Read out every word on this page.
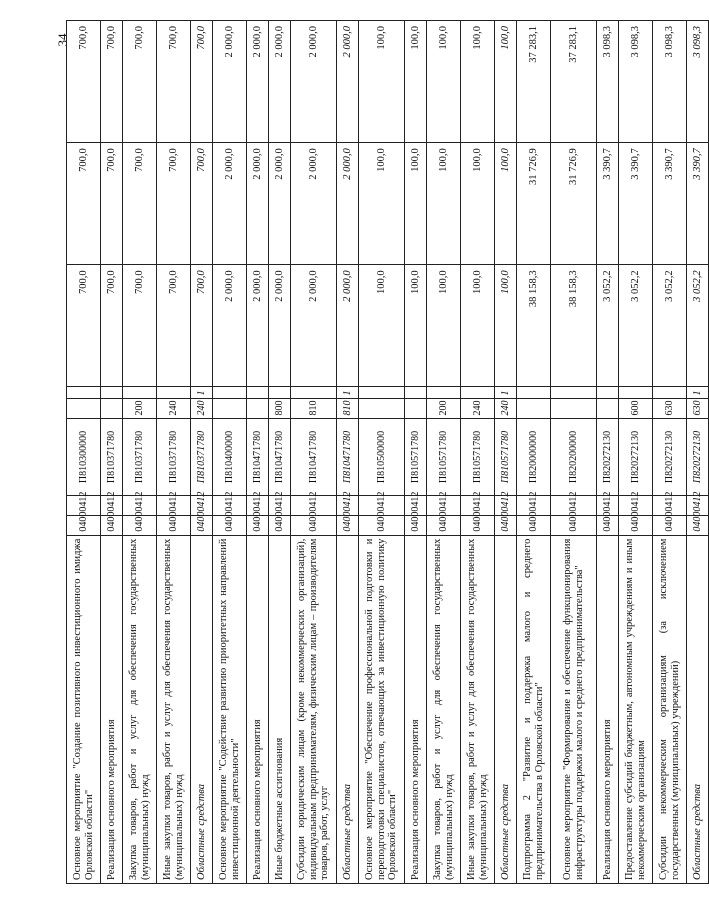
34
Основное мероприятие "Создание позитивного инвестиционного имиджа Орловской области"	0400	0412	П810300000			700,0	700,0	700,0
Реализация основного мероприятия	0400	0412	П810371780			700,0	700,0	700,0
Закупка товаров, работ и услуг для обеспечения государственных (муниципальных) нужд	0400	0412	П810371780	200		700,0	700,0	700,0
Иные закупки товаров, работ и услуг для обеспечения государственных (муниципальных) нужд	0400	0412	П810371780	240		700,0	700,0	700,0
Областные средства	0400	0412	П810371780	240	1	700,0	700,0	700,0
Основное мероприятие "Содействие развитию приоритетных направлений инвестиционной деятельности"	0400	0412	П810400000			2 000,0	2 000,0	2 000,0
Реализация основного мероприятия	0400	0412	П810471780			2 000,0	2 000,0	2 000,0
Иные бюджетные ассигнования	0400	0412	П810471780	800		2 000,0	2 000,0	2 000,0
Субсидии юридическим лицам (кроме некоммерческих организаций), индивидуальным предпринимателям, физическим лицам – производителям товаров, работ, услуг	0400	0412	П810471780	810		2 000,0	2 000,0	2 000,0
Областные средства	0400	0412	П810471780	810	1	2 000,0	2 000,0	2 000,0
Основное мероприятие "Обеспечение профессиональной подготовки и переподготовки специалистов, отвечающих за инвестиционную политику Орловской области"	0400	0412	П810500000			100,0	100,0	100,0
Реализация основного мероприятия	0400	0412	П810571780			100,0	100,0	100,0
Закупка товаров, работ и услуг для обеспечения государственных (муниципальных) нужд	0400	0412	П810571780	200		100,0	100,0	100,0
Иные закупки товаров, работ и услуг для обеспечения государственных (муниципальных) нужд	0400	0412	П810571780	240		100,0	100,0	100,0
Областные средства	0400	0412	П810571780	240	1	100,0	100,0	100,0
Подпрограмма 2 "Развитие и поддержка малого и среднего предпринимательства в Орловской области"	0400	0412	П820000000			38 158,3	31 726,9	37 283,1
Основное мероприятие "Формирование и обеспечение функционирования инфраструктуры поддержки малого и среднего предпринимательства"	0400	0412	П820200000			38 158,3	31 726,9	37 283,1
Реализация основного мероприятия	0400	0412	П820272130			3 052,2	3 390,7	3 098,3
Предоставление субсидий бюджетным, автономным учреждениям и иным некоммерческим организациям	0400	0412	П820272130	600		3 052,2	3 390,7	3 098,3
Субсидии некоммерческим организациям (за исключением государственных (муниципальных) учреждений)	0400	0412	П820272130	630		3 052,2	3 390,7	3 098,3
Областные средства	0400	0412	П820272130	630	1	3 052,2	3 390,7	3 098,3
